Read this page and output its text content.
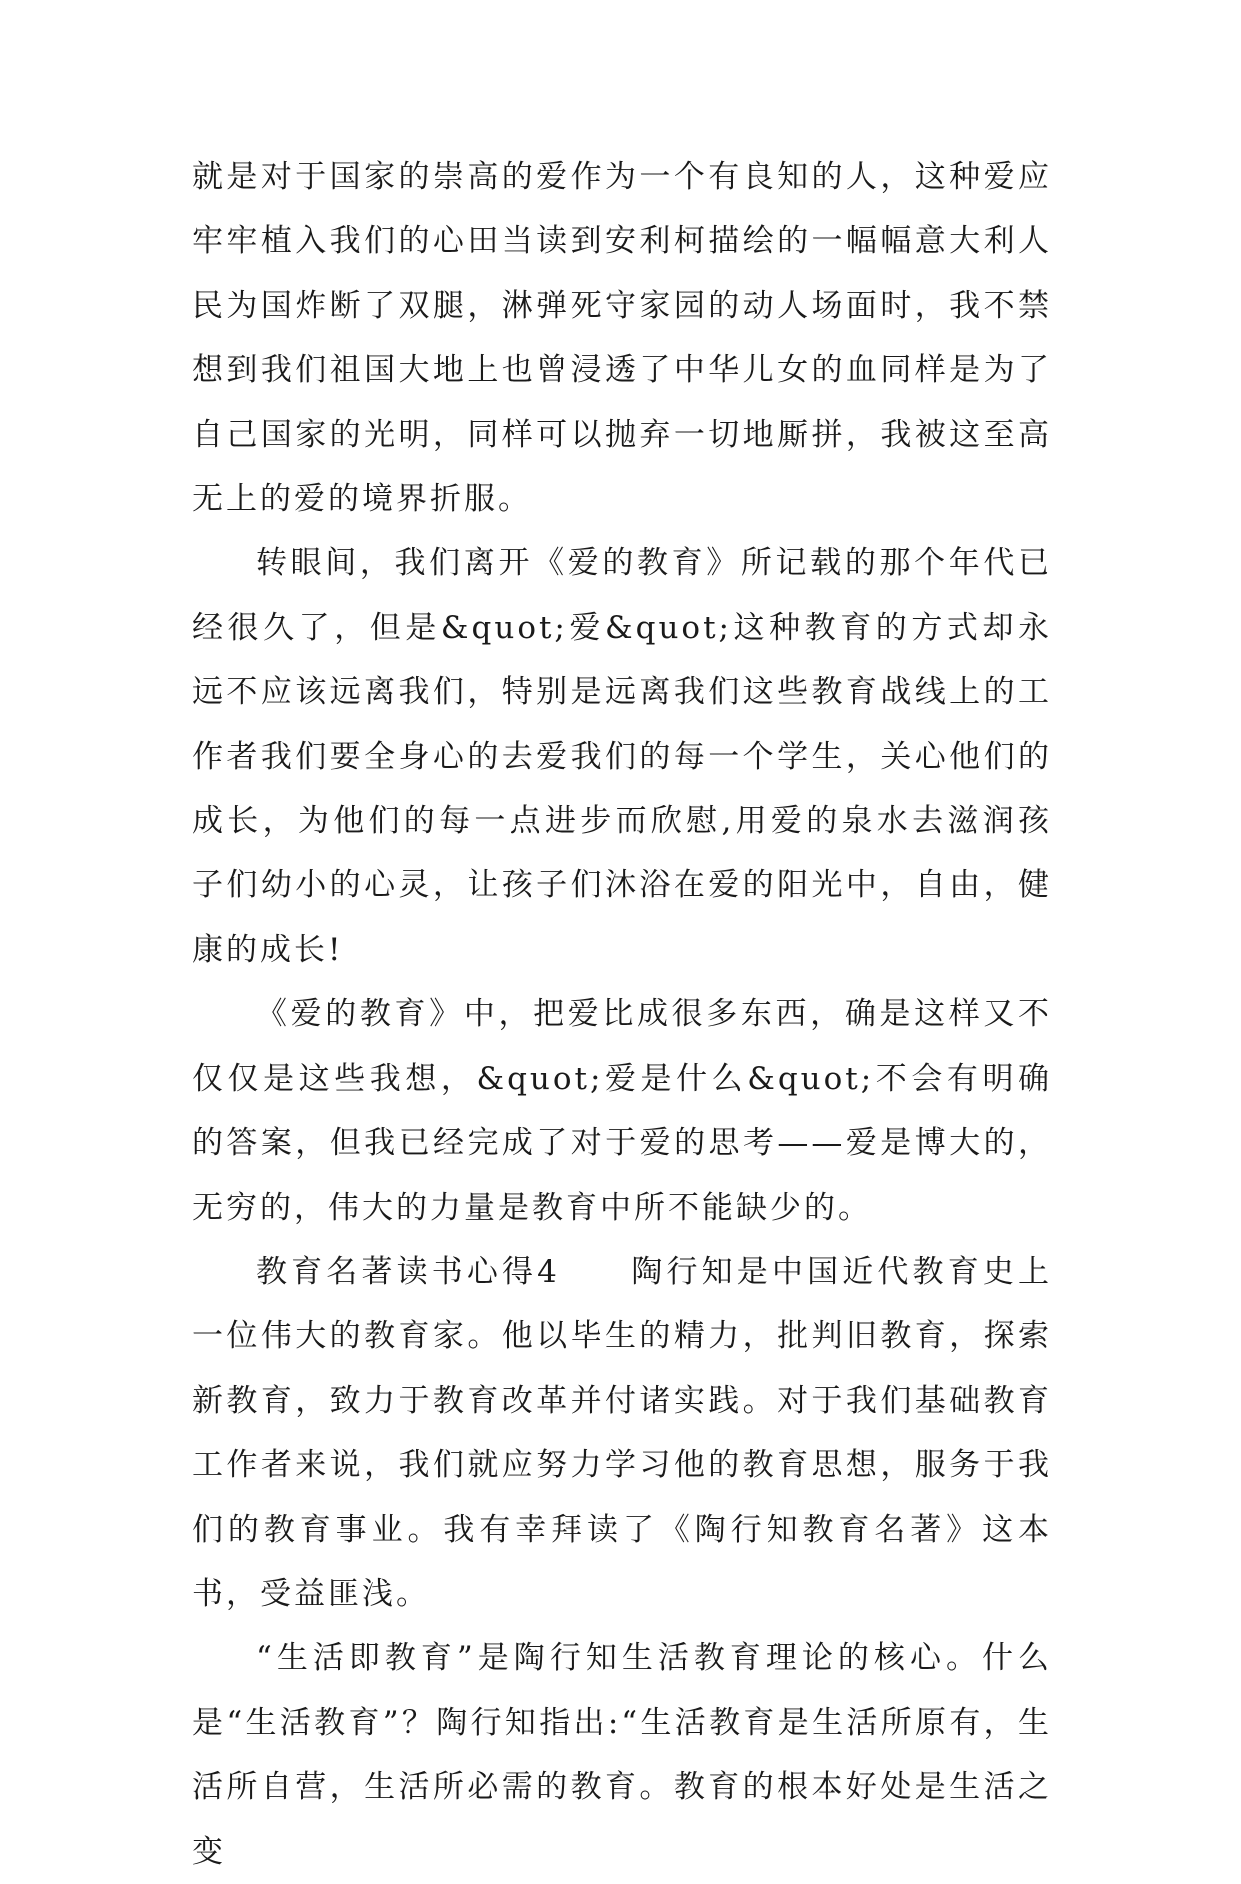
就是对于国家的崇高的爱作为一个有良知的人，这种爱应牢牢植入我们的心田当读到安利柯描绘的一幅幅意大利人民为国炸断了双腿，淋弹死守家园的动人场面时，我不禁想到我们祖国大地上也曾浸透了中华儿女的血同样是为了自己国家的光明，同样可以抛弃一切地厮拼，我被这至高无上的爱的境界折服。

转眼间，我们离开《爱的教育》所记载的那个年代已经很久了，但是&quot;爱&quot;这种教育的方式却永远不应该远离我们，特别是远离我们这些教育战线上的工作者我们要全身心的去爱我们的每一个学生，关心他们的成长，为他们的每一点进步而欣慰,用爱的泉水去滋润孩子们幼小的心灵，让孩子们沐浴在爱的阳光中，自由，健康的成长!

《爱的教育》中，把爱比成很多东西，确是这样又不仅仅是这些我想，&quot;爱是什么&quot;不会有明确的答案，但我已经完成了对于爱的思考——爱是博大的，无穷的，伟大的力量是教育中所不能缺少的。

教育名著读书心得4　　陶行知是中国近代教育史上一位伟大的教育家。他以毕生的精力，批判旧教育，探索新教育，致力于教育改革并付诸实践。对于我们基础教育工作者来说，我们就应努力学习他的教育思想，服务于我们的教育事业。我有幸拜读了《陶行知教育名著》这本书，受益匪浅。

“生活即教育”是陶行知生活教育理论的核心。什么是“生活教育”？陶行知指出:“生活教育是生活所原有，生活所自营，生活所必需的教育。教育的根本好处是生活之变
